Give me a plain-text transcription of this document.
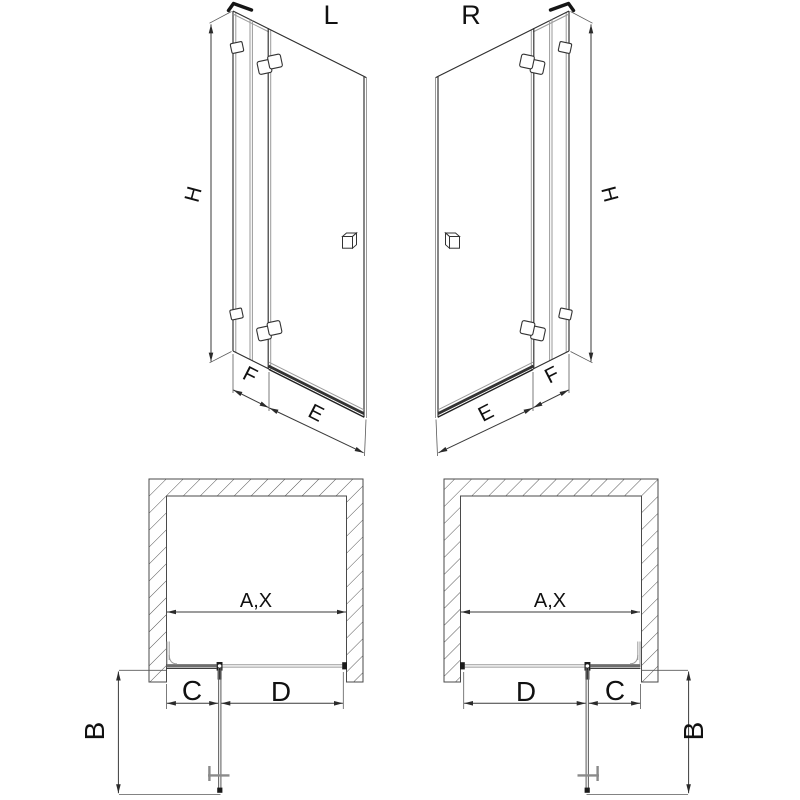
L
H
F
E
R
H
F
E
A,X
C D
B
A,X
C
D
B
